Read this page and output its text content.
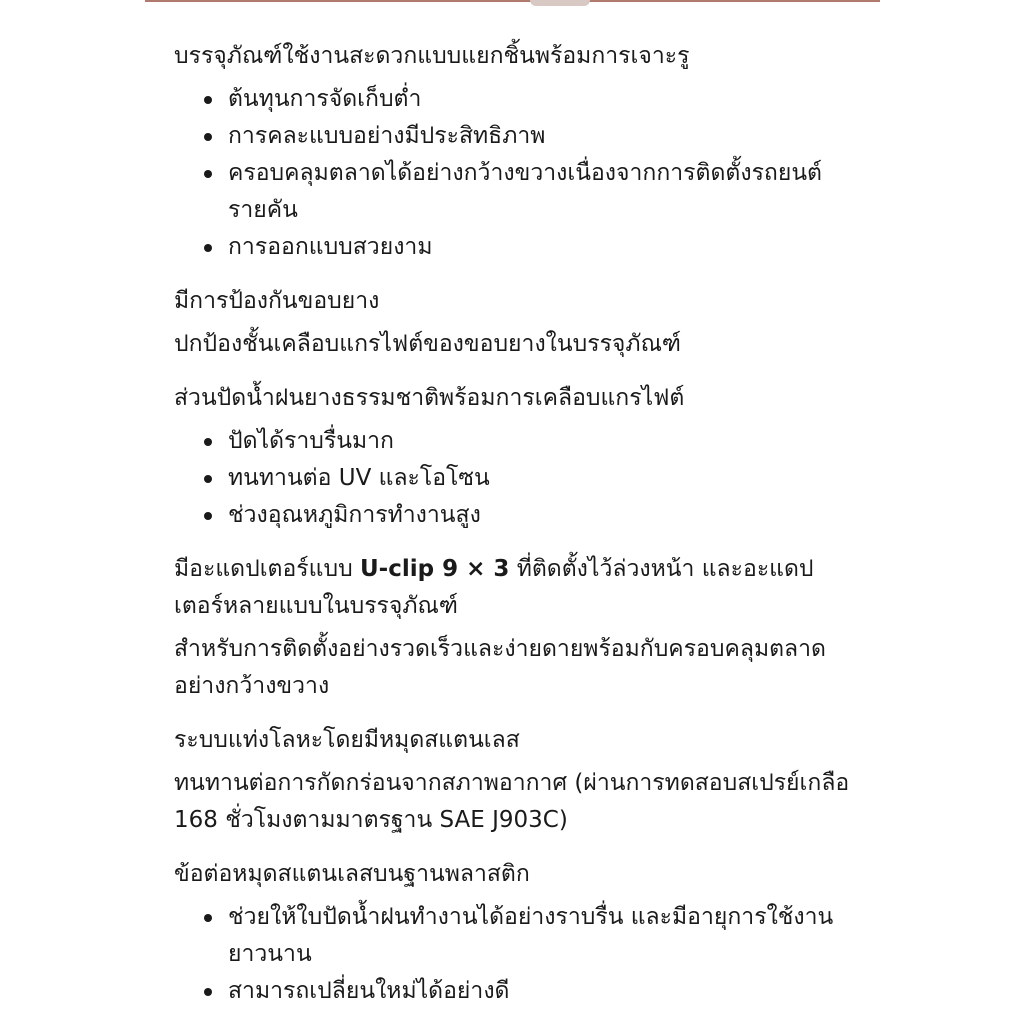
บรรจุภัณฑ์ใช้งานสะดวกแบบแยกชิ้นพร้อมการเจาะรู

ต้นทุนการจัดเก็บต่ำ
การคละแบบอย่างมีประสิทธิภาพ
ครอบคลุมตลาดได้อย่างกว้างขวางเนื่องจากการติดตั้งรถยนต์รายคัน
การออกแบบสวยงาม

มีการป้องกันขอบยาง

ปกป้องชั้นเคลือบแกรไฟต์ของขอบยางในบรรจุภัณฑ์

ส่วนปัดน้ำฝนยางธรรมชาติพร้อมการเคลือบแกรไฟต์

ปัดได้ราบรื่นมาก
ทนทานต่อ UV และโอโซน
ช่วงอุณหภูมิการทำงานสูง

มีอะแดปเตอร์แบบ U-clip 9 × 3 ที่ติดตั้งไว้ล่วงหน้า และอะแดปเตอร์หลายแบบในบรรจุภัณฑ์

สำหรับการติดตั้งอย่างรวดเร็วและง่ายดายพร้อมกับครอบคลุมตลาดอย่างกว้างขวาง

ระบบแท่งโลหะโดยมีหมุดสแตนเลส

ทนทานต่อการกัดกร่อนจากสภาพอากาศ (ผ่านการทดสอบสเปรย์เกลือ 168 ชั่วโมงตามมาตรฐาน SAE J903C)

ข้อต่อหมุดสแตนเลสบนฐานพลาสติก

ช่วยให้ใบปัดน้ำฝนทำงานได้อย่างราบรื่น และมีอายุการใช้งานยาวนาน
สามารถเปลี่ยนใหม่ได้อย่างดี
